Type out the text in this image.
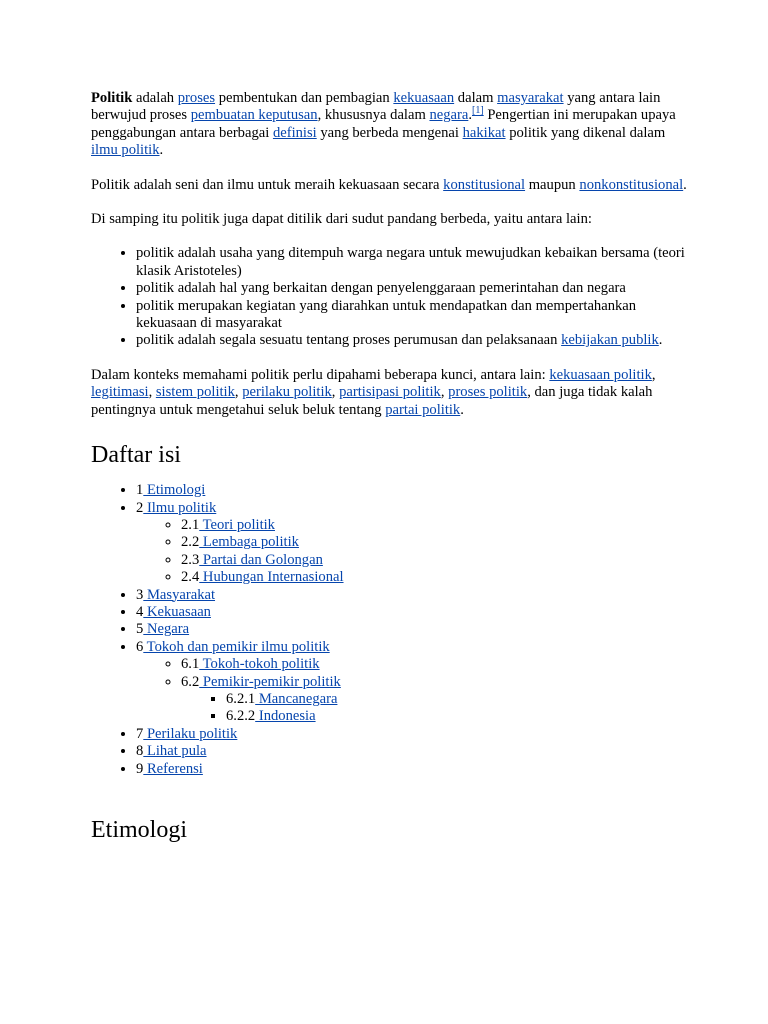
Politik adalah proses pembentukan dan pembagian kekuasaan dalam masyarakat yang antara lain berwujud proses pembuatan keputusan, khususnya dalam negara.[1] Pengertian ini merupakan upaya penggabungan antara berbagai definisi yang berbeda mengenai hakikat politik yang dikenal dalam ilmu politik.

Politik adalah seni dan ilmu untuk meraih kekuasaan secara konstitusional maupun nonkonstitusional.

Di samping itu politik juga dapat ditilik dari sudut pandang berbeda, yaitu antara lain:

• politik adalah usaha yang ditempuh warga negara untuk mewujudkan kebaikan bersama (teori klasik Aristoteles)
• politik adalah hal yang berkaitan dengan penyelenggaraan pemerintahan dan negara
• politik merupakan kegiatan yang diarahkan untuk mendapatkan dan mempertahankan kekuasaan di masyarakat
• politik adalah segala sesuatu tentang proses perumusan dan pelaksanaan kebijakan publik.

Dalam konteks memahami politik perlu dipahami beberapa kunci, antara lain: kekuasaan politik, legitimasi, sistem politik, perilaku politik, partisipasi politik, proses politik, dan juga tidak kalah pentingnya untuk mengetahui seluk beluk tentang partai politik.

Daftar isi
• 1 Etimologi
• 2 Ilmu politik
◦ 2.1 Teori politik
◦ 2.2 Lembaga politik
◦ 2.3 Partai dan Golongan
◦ 2.4 Hubungan Internasional
• 3 Masyarakat
• 4 Kekuasaan
• 5 Negara
• 6 Tokoh dan pemikir ilmu politik
◦ 6.1 Tokoh-tokoh politik
◦ 6.2 Pemikir-pemikir politik
▪ 6.2.1 Mancanegara
▪ 6.2.2 Indonesia
• 7 Perilaku politik
• 8 Lihat pula
• 9 Referensi
Etimologi
